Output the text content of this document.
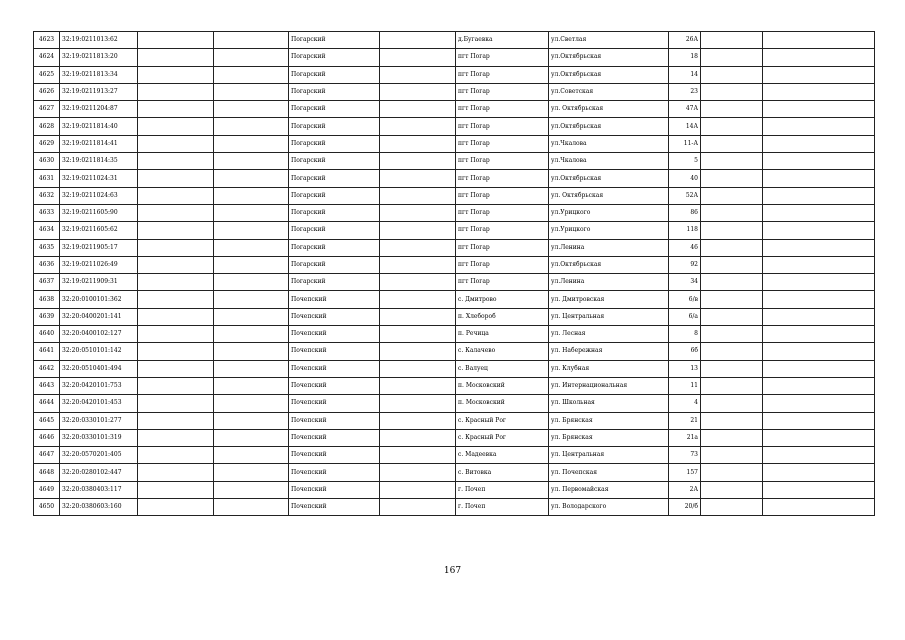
4623	32:19:0211013:62			Погарский		д.Бугаевка	ул.Светлая	26А		
4624	32:19:0211813:20			Погарский		пгт Погар	ул.Октябрьская	18		
4625	32:19:0211813:34			Погарский		пгт Погар	ул.Октябрьская	14		
4626	32:19:0211913:27			Погарский		пгт Погар	ул.Советская	23		
4627	32:19:0211204:87			Погарский		пгт Погар	ул. Октябрьская	47А		
4628	32:19:0211814:40			Погарский		пгт Погар	ул.Октябрьская	14А		
4629	32:19:0211814:41			Погарский		пгт Погар	ул.Чкалова	11-А		
4630	32:19:0211814:35			Погарский		пгт Погар	ул.Чкалова	5		
4631	32:19:0211024:31			Погарский		пгт Погар	ул.Октябрьская	40		
4632	32:19:0211024:63			Погарский		пгт Погар	ул. Октябрьская	52А		
4633	32:19:0211605:90			Погарский		пгт Погар	ул.Урицкого	86		
4634	32:19:0211605:62			Погарский		пгт Погар	ул.Урицкого	118		
4635	32:19:0211905:17			Погарский		пгт Погар	ул.Ленина	46		
4636	32:19:0211026:49			Погарский		пгт Погар	ул.Октябрьская	92		
4637	32:19:0211909:31			Погарский		пгт Погар	ул.Ленина	34		
4638	32:20:0100101:362			Почепский		с. Дмитрово	ул. Дмитровская	6/в		
4639	32:20:0400201:141			Почепский		п. Хлебороб	ул. Центральная	6/а		
4640	32:20:0400102:127			Почепский		п. Речица	ул. Лесная	8		
4641	32:20:0510101:142			Почепский		с. Калачево	ул. Набережная	6б		
4642	32:20:0510401:494			Почепский		с. Валуец	ул. Клубная	13		
4643	32:20:0420101:753			Почепский		п. Московский	ул. Интернациональная	11		
4644	32:20:0420101:453			Почепский		п. Московский	ул. Школьная	4		
4645	32:20:0330101:277			Почепский		с. Красный Рог	ул. Брянская	21		
4646	32:20:0330101:319			Почепский		с. Красный Рог	ул. Брянская	21а		
4647	32:20:0570201:405			Почепский		с. Мадеевка	ул. Центральная	73		
4648	32:20:0280102:447			Почепский		с. Витовка	ул. Почепская	157		
4649	32:20:0380403:117			Почепский		г. Почеп	ул. Первомайская	2А		
4650	32:20:0380603:160			Почепский		г. Почеп	ул. Володарского	20/б		
167
